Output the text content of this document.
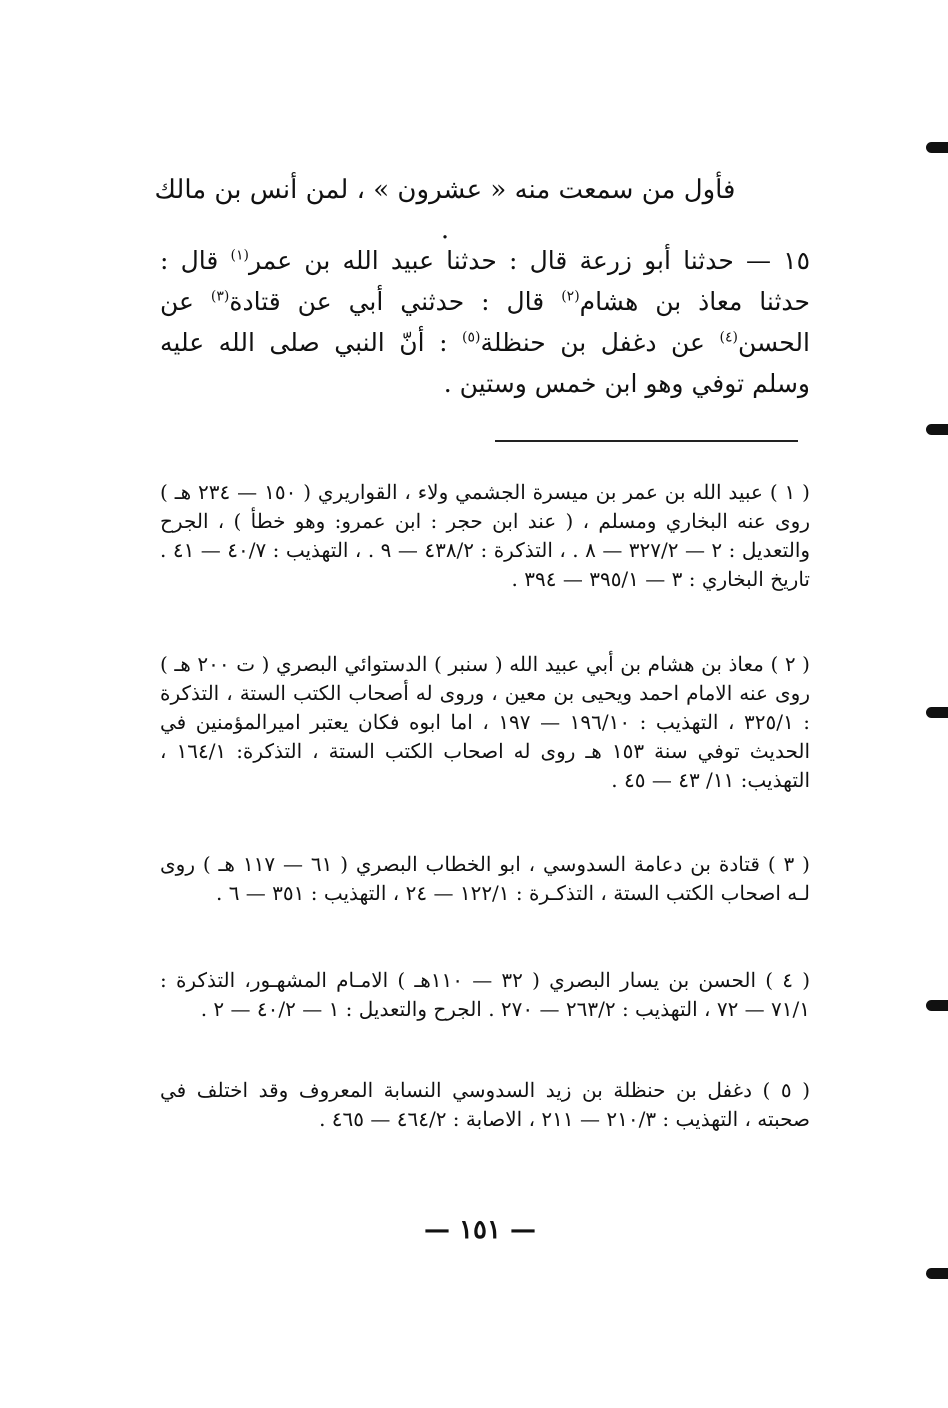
فأول من سمعت منه « عشرون » ، لمن أنس بن مالك .
١٥ — حدثنا أبو زرعة قال : حدثنا عبيد الله بن عمر$^{(١)}$ قال : حدثنا معاذ بن هشام$^{(٢)}$ قال : حدثني أبي عن قتادة$^{(٣)}$ عن الحسن$^{(٤)}$ عن دغفل بن حنظلة$^{(٥)}$ : أنّ النبي صلى الله عليه وسلم توفي وهو ابن خمس وستين .

( ١ ) عبيد الله بن عمر بن ميسرة الجشمي ولاء ، القواريري ( ١٥٠ — ٢٣٤ هـ ) روى عنه البخاري ومسلم ، ( عند ابن حجر : ابن عمرو: وهو خطأ ) ، الجرح والتعديل : ٢ — ٣٢٧/٢ — ٨ . ، التذكرة : ٤٣٨/٢ — ٩ . ، التهذيب : ٤٠/٧ — ٤١ . تاريخ البخاري : ٣ — ٣٩٥/١ — ٣٩٤ .

( ٢ ) معاذ بن هشام بن أبي عبيد الله ( سنبر ) الدستوائي البصري ( ت ٢٠٠ هـ ) روى عنه الامام احمد ويحيى بن معين ، وروى له أصحاب الكتب الستة ، التذكرة : ٣٢٥/١ ، التهذيب : ١٩٦/١٠ — ١٩٧ ، اما ابوه فكان يعتبر اميرالمؤمنين في الحديث توفي سنة ١٥٣ هـ روى له اصحاب الكتب الستة ، التذكرة: ١٦٤/١ ، التهذيب: ١١/ ٤٣ — ٤٥ .

( ٣ ) قتادة بن دعامة السدوسي ، ابو الخطاب البصري ( ٦١ — ١١٧ هـ ) روى لـه اصحاب الكتب الستة ، التذكـرة : ١٢٢/١ — ٢٤ ، التهذيب : ٣٥١ — ٦ .

( ٤ ) الحسن بن يسار البصري ( ٣٢ — ١١٠هـ ) الامـام المشهـور، التذكرة : ٧١/١ — ٧٢ ، التهذيب : ٢٦٣/٢ — ٢٧٠ . الجرح والتعديل : ١ — ٤٠/٢ — ٢ .

( ٥ ) دغفل بن حنظلة بن زيد السدوسي النسابة المعروف وقد اختلف في صحبته ، التهذيب : ٢١٠/٣ — ٢١١ ، الاصابة : ٤٦٤/٢ — ٤٦٥ .

— ١٥١ —
